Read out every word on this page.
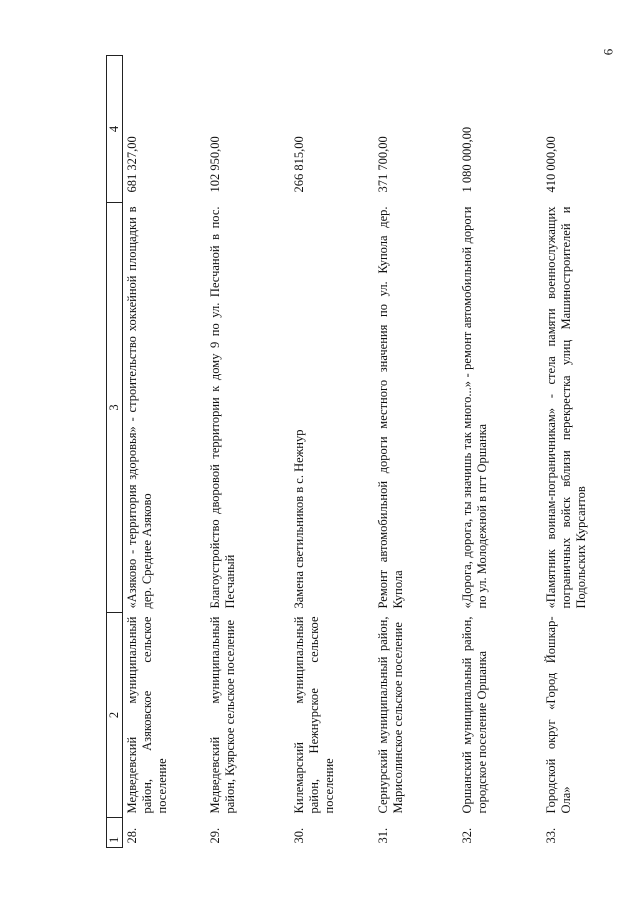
6
1	2	3	4
28.	Медведевский муниципальный район, Азяковское сельское поселение	«Азяково - территория здоровья» - строительство хоккейной площадки в дер. Среднее Азяково	681 327,00
29.	Медведевский муниципальный район, Куярское сельское поселение	Благоустройство дворовой территории к дому 9 по ул. Песчаной в пос. Песчаный	102 950,00
30.	Килемарский муниципальный район, Нежнурское сельское поселение	Замена светильников в с. Нежнур	266 815,00
31.	Сернурский муниципальный район, Марисолинское сельское поселение	Ремонт автомобильной дороги местного значения по ул. Купола дер. Купола	371 700,00
32.	Оршанский муниципальный район, городское поселение Оршанка	«Дорога, дорога, ты значишь так много...» - ремонт автомобильной дороги по ул. Молодежной в пгт Оршанка	1 080 000,00
33.	Городской округ «Город Йошкар-Ола»	«Памятник воинам-пограничникам» - стела памяти военнослужащих пограничных войск вблизи перекрестка улиц Машиностроителей и Подольских Курсантов	410 000,00
